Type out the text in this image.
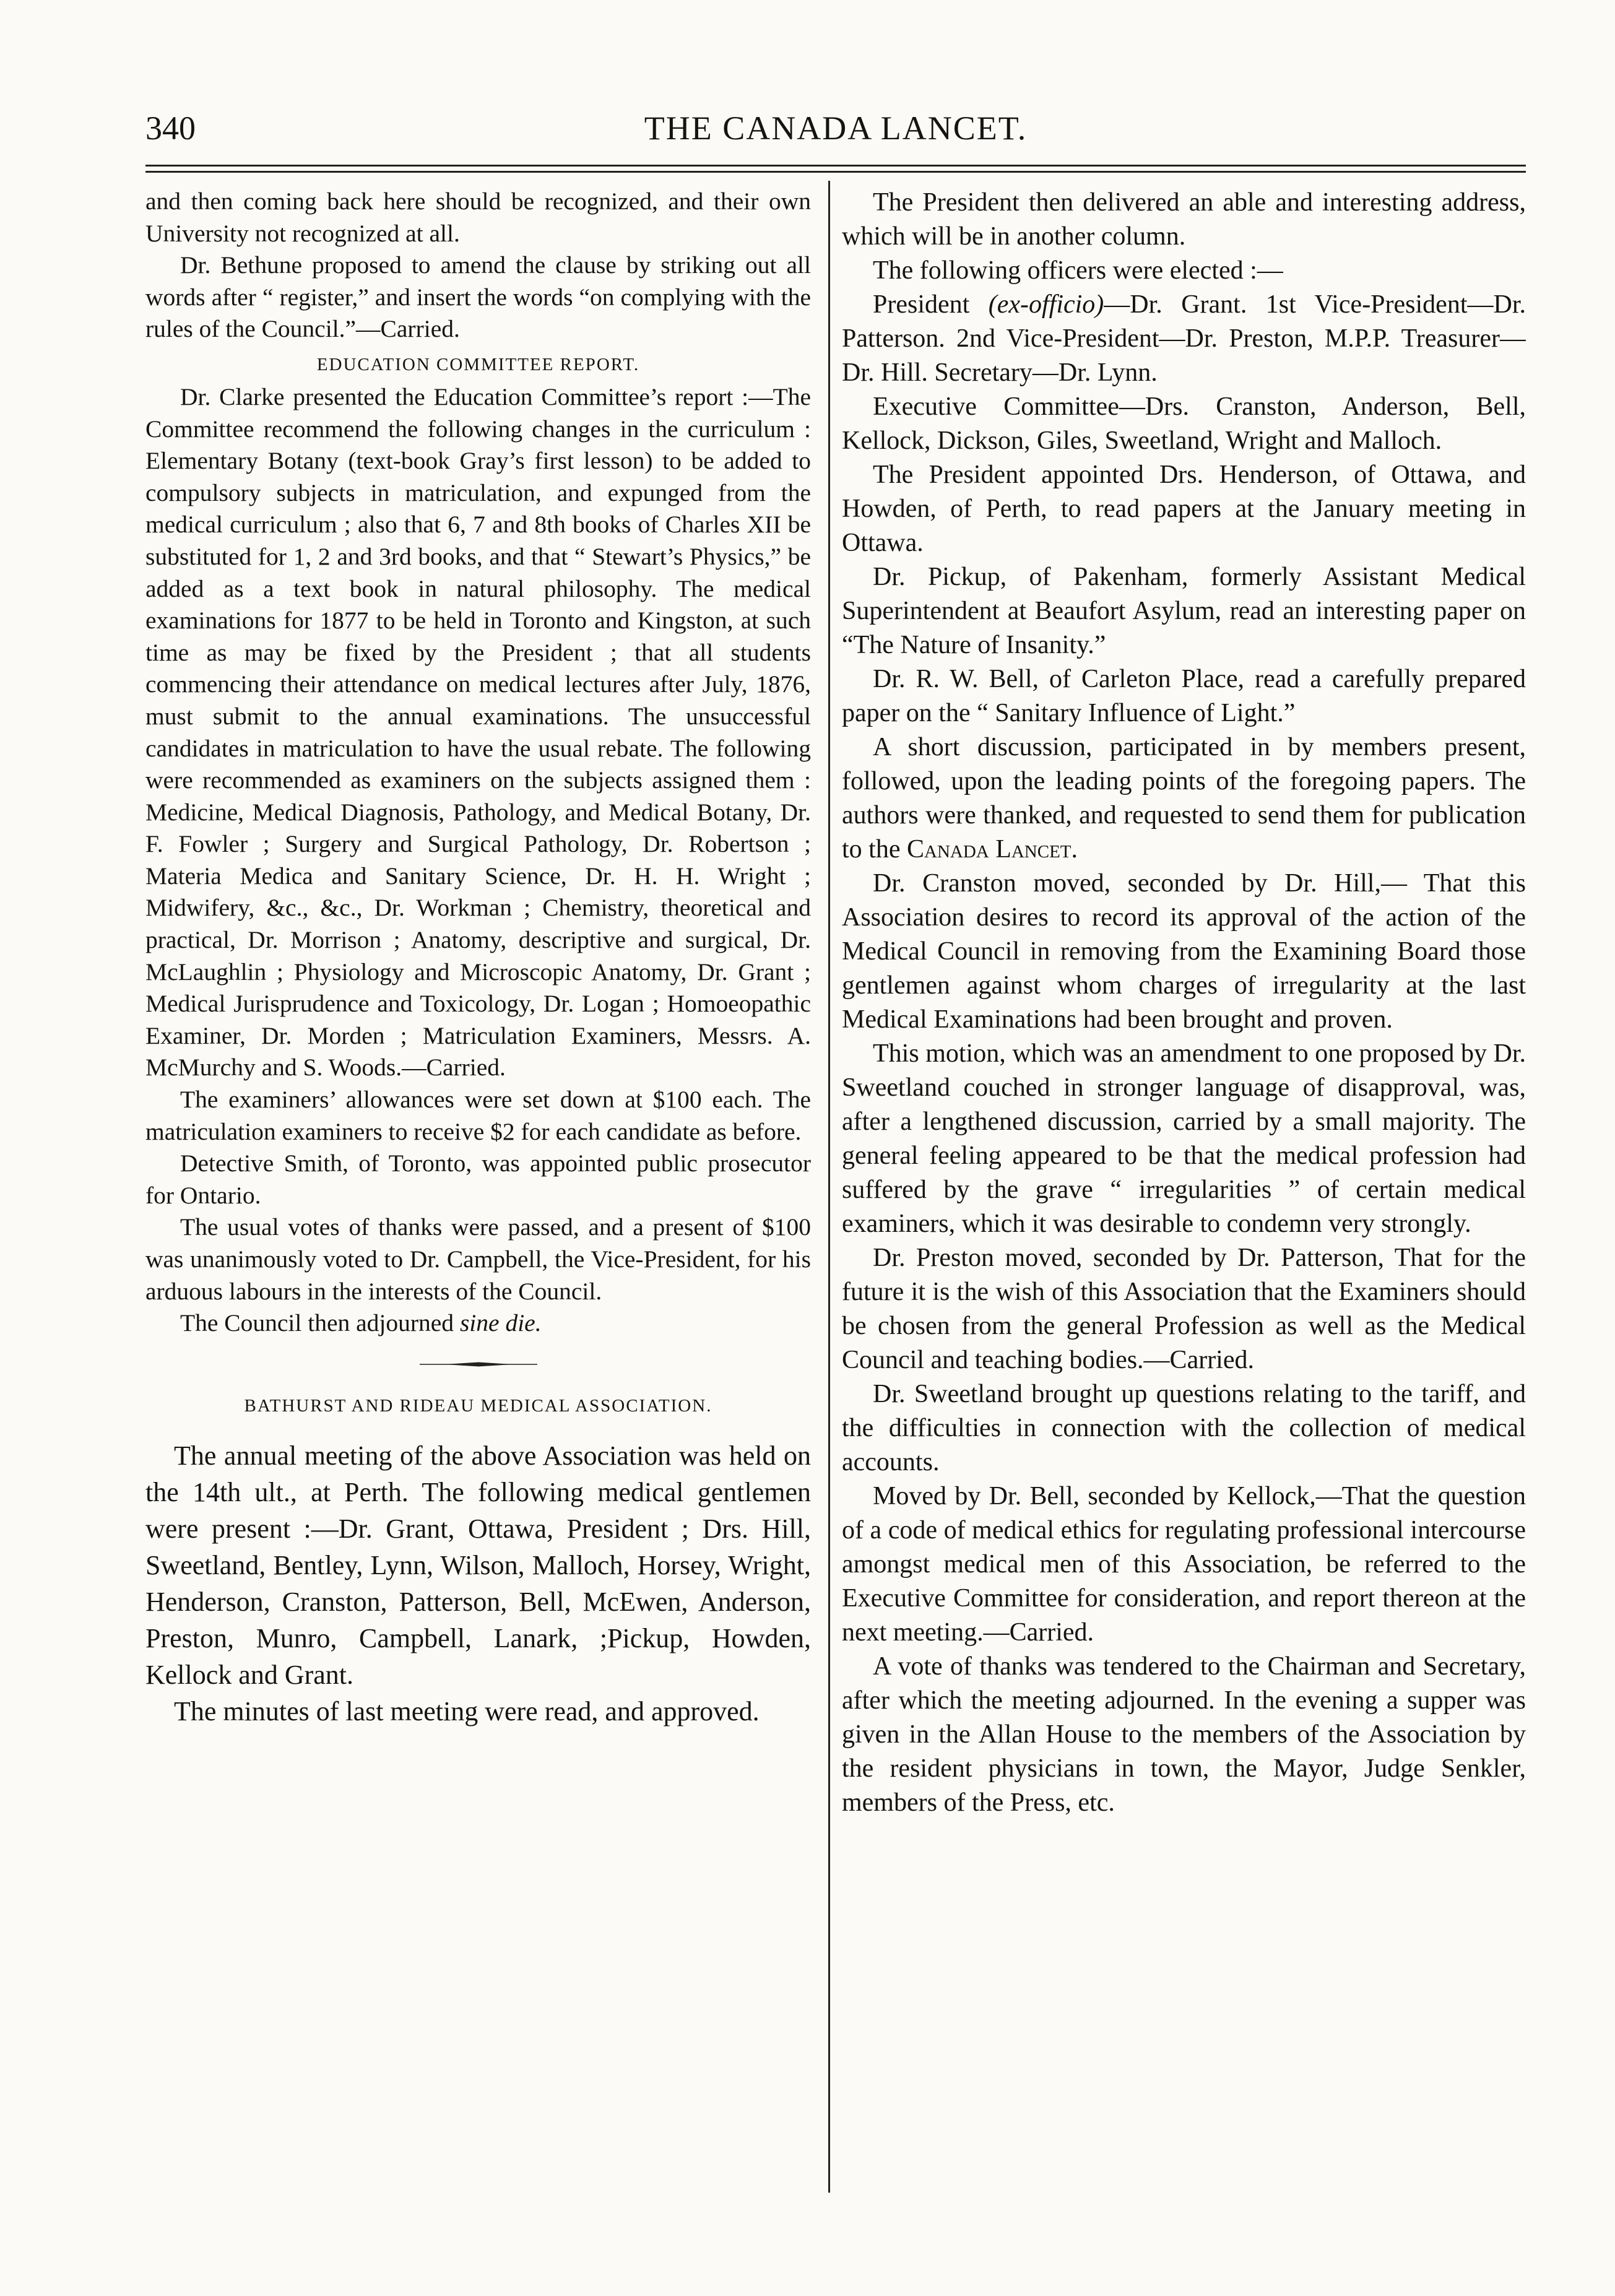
340	THE CANADA LANCET.

and then coming back here should be recognized, and their own University not recognized at all.

Dr. Bethune proposed to amend the clause by striking out all words after “ register,” and insert the words “on complying with the rules of the Council.”—Carried.

EDUCATION COMMITTEE REPORT.

Dr. Clarke presented the Education Committee’s report :—The Committee recommend the following changes in the curriculum : Elementary Botany (text-book Gray’s first lesson) to be added to compulsory subjects in matriculation, and expunged from the medical curriculum ; also that 6, 7 and 8th books of Charles XII be substituted for 1, 2 and 3rd books, and that “ Stewart’s Physics,” be added as a text book in natural philosophy. The medical examinations for 1877 to be held in Toronto and Kingston, at such time as may be fixed by the President ; that all students commencing their attendance on medical lectures after July, 1876, must submit to the annual examinations. The unsuccessful candidates in matriculation to have the usual rebate. The following were recommended as examiners on the subjects assigned them : Medicine, Medical Diagnosis, Pathology, and Medical Botany, Dr. F. Fowler ; Surgery and Surgical Pathology, Dr. Robertson ; Materia Medica and Sanitary Science, Dr. H. H. Wright ; Midwifery, &c., &c., Dr. Workman ; Chemistry, theoretical and practical, Dr. Morrison ; Anatomy, descriptive and surgical, Dr. McLaughlin ; Physiology and Microscopic Anatomy, Dr. Grant ; Medical Jurisprudence and Toxicology, Dr. Logan ; Homoeopathic Examiner, Dr. Morden ; Matriculation Examiners, Messrs. A. McMurchy and S. Woods.—Carried.

The examiners’ allowances were set down at $100 each. The matriculation examiners to receive $2 for each candidate as before.

Detective Smith, of Toronto, was appointed public prosecutor for Ontario.

The usual votes of thanks were passed, and a present of $100 was unanimously voted to Dr. Campbell, the Vice-President, for his arduous labours in the interests of the Council.

The Council then adjourned sine die.

BATHURST AND RIDEAU MEDICAL ASSOCIATION.

The annual meeting of the above Association was held on the 14th ult., at Perth. The following medical gentlemen were present :—Dr. Grant, Ottawa, President ; Drs. Hill, Sweetland, Bentley, Lynn, Wilson, Malloch, Horsey, Wright, Henderson, Cranston, Patterson, Bell, McEwen, Anderson, Preston, Munro, Campbell, Lanark, ;Pickup, Howden, Kellock and Grant.

The minutes of last meeting were read, and approved.

The President then delivered an able and interesting address, which will be in another column.

The following officers were elected :—

President (ex-officio)—Dr. Grant. 1st Vice-President—Dr. Patterson. 2nd Vice-President—Dr. Preston, M.P.P. Treasurer—Dr. Hill. Secretary—Dr. Lynn.

Executive Committee—Drs. Cranston, Anderson, Bell, Kellock, Dickson, Giles, Sweetland, Wright and Malloch.

The President appointed Drs. Henderson, of Ottawa, and Howden, of Perth, to read papers at the January meeting in Ottawa.

Dr. Pickup, of Pakenham, formerly Assistant Medical Superintendent at Beaufort Asylum, read an interesting paper on “The Nature of Insanity.”

Dr. R. W. Bell, of Carleton Place, read a carefully prepared paper on the “ Sanitary Influence of Light.”

A short discussion, participated in by members present, followed, upon the leading points of the foregoing papers. The authors were thanked, and requested to send them for publication to the Canada Lancet.

Dr. Cranston moved, seconded by Dr. Hill,— That this Association desires to record its approval of the action of the Medical Council in removing from the Examining Board those gentlemen against whom charges of irregularity at the last Medical Examinations had been brought and proven.

This motion, which was an amendment to one proposed by Dr. Sweetland couched in stronger language of disapproval, was, after a lengthened discussion, carried by a small majority. The general feeling appeared to be that the medical profession had suffered by the grave “ irregularities ” of certain medical examiners, which it was desirable to condemn very strongly.

Dr. Preston moved, seconded by Dr. Patterson, That for the future it is the wish of this Association that the Examiners should be chosen from the general Profession as well as the Medical Council and teaching bodies.—Carried.

Dr. Sweetland brought up questions relating to the tariff, and the difficulties in connection with the collection of medical accounts.

Moved by Dr. Bell, seconded by Kellock,—That the question of a code of medical ethics for regulating professional intercourse amongst medical men of this Association, be referred to the Executive Committee for consideration, and report thereon at the next meeting.—Carried.

A vote of thanks was tendered to the Chairman and Secretary, after which the meeting adjourned. In the evening a supper was given in the Allan House to the members of the Association by the resident physicians in town, the Mayor, Judge Senkler, members of the Press, etc.
